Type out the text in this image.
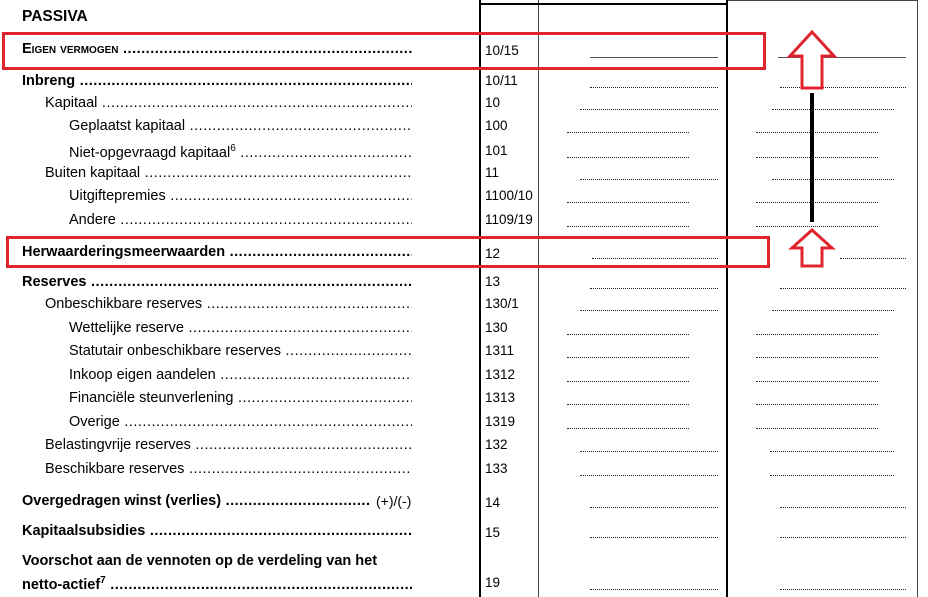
PASSIVA
Eigen vermogen .....	10/15
Inbreng .....	10/11
Kapitaal .....	10
Geplaatst kapitaal .....	100
Niet-opgevraagd kapitaal$^6$ .....	101
Buiten kapitaal .....	11
Uitgiftepremies .....	1100/10
Andere .....	1109/19
Herwaarderingsmeerwaarden .....	12
Reserves .....	13
Onbeschikbare reserves .....	130/1
Wettelijke reserve .....	130
Statutair onbeschikbare reserves .....	1311
Inkoop eigen aandelen .....	1312
Financiële steunverlening .....	1313
Overige .....	1319
Belastingvrije reserves .....	132
Beschikbare reserves .....	133
Overgedragen winst (verlies) .....	(+)/(-)	14
Kapitaalsubsidies .....	15
Voorschot aan de vennoten op de verdeling van het
netto-actief$^7$ .....	19
